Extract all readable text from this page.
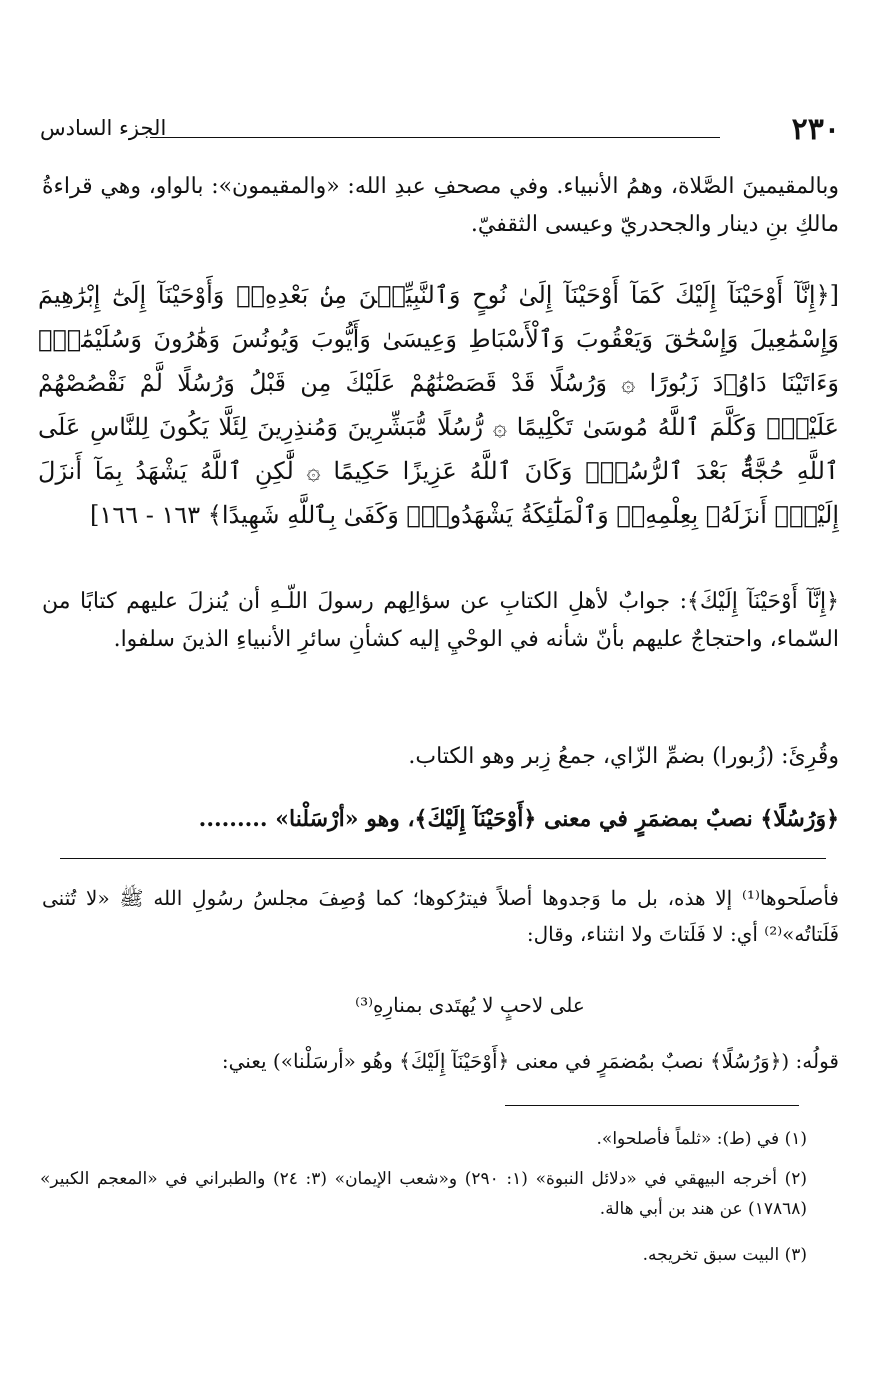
٢٣٠
الجزء السادس

وبالمقيمينَ الصَّلاة، وهمُ الأنبياء. وفي مصحفِ عبدِ الله: «والمقيمون»: بالواو، وهي قراءةُ مالكِ بنِ دينار والجحدريّ وعيسى الثقفيّ.

[﴿إِنَّآ أَوْحَيْنَآ إِلَيْكَ كَمَآ أَوْحَيْنَآ إِلَىٰ نُوحٍ وَٱلنَّبِيِّـۧنَ مِنۢ بَعْدِهِۦۚ وَأَوْحَيْنَآ إِلَىٰٓ إِبْرَٰهِيمَ وَإِسْمَٰعِيلَ وَإِسْحَٰقَ وَيَعْقُوبَ وَٱلْأَسْبَاطِ وَعِيسَىٰ وَأَيُّوبَ وَيُونُسَ وَهَٰرُونَ وَسُلَيْمَٰنَۚ وَءَاتَيْنَا دَاوُۥدَ زَبُورًا ۞ وَرُسُلًا قَدْ قَصَصْنَٰهُمْ عَلَيْكَ مِن قَبْلُ وَرُسُلًا لَّمْ نَقْصُصْهُمْ عَلَيْكَۚ وَكَلَّمَ ٱللَّهُ مُوسَىٰ تَكْلِيمًا ۞ رُّسُلًا مُّبَشِّرِينَ وَمُنذِرِينَ لِئَلَّا يَكُونَ لِلنَّاسِ عَلَى ٱللَّهِ حُجَّةٌۢ بَعْدَ ٱلرُّسُلِۚ وَكَانَ ٱللَّهُ عَزِيزًا حَكِيمًا ۞ لَّٰكِنِ ٱللَّهُ يَشْهَدُ بِمَآ أَنزَلَ إِلَيْكَۖ أَنزَلَهُۥ بِعِلْمِهِۦۖ وَٱلْمَلَٰٓئِكَةُ يَشْهَدُونَۚ وَكَفَىٰ بِٱللَّهِ شَهِيدًا﴾ ١٦٣ - ١٦٦]

﴿إِنَّآ أَوْحَيْنَآ إِلَيْكَ﴾: جوابٌ لأهلِ الكتابِ عن سؤالِهم رسولَ اللّـهِ أن يُنزلَ عليهم كتابًا من السّماء، واحتجاجٌ عليهم بأنّ شأنه في الوحْيِ إليه كشأنِ سائرِ الأنبياءِ الذينَ سلفوا.

وقُرِئَ: (زُبورا) بضمِّ الزّاي، جمعُ زِبر وهو الكتاب.

﴿وَرُسُلًا﴾ نصبٌ بمضمَرٍ في معنى ﴿أَوْحَيْنَآ إِلَيْكَ﴾، وهو «أرْسَلْنا» .........

فأصلَحوها⁽¹⁾ إلا هذه، بل ما وَجدوها أصلاً فيترُكوها؛ كما وُصِفَ مجلسُ رسُولِ الله ﷺ «لا تُثنى فَلَتاتُه»⁽²⁾ أي: لا فَلَتاتَ ولا انثناء، وقال:

على لاحبٍ لا يُهتَدى بمنارِهِ⁽³⁾

قولُه: (﴿وَرُسُلًا﴾ نصبٌ بمُضمَرٍ في معنى ﴿أَوْحَيْنَآ إِلَيْكَ﴾ وهُو «أرسَلْنا») يعني:

(١) في (ط): «ثلماً فأصلحوا».

(٢) أخرجه البيهقي في «دلائل النبوة» (١: ٢٩٠) و«شعب الإيمان» (٣: ٢٤) والطبراني في «المعجم الكبير» (١٧٨٦٨) عن هند بن أبي هالة.

(٣) البيت سبق تخريجه.
